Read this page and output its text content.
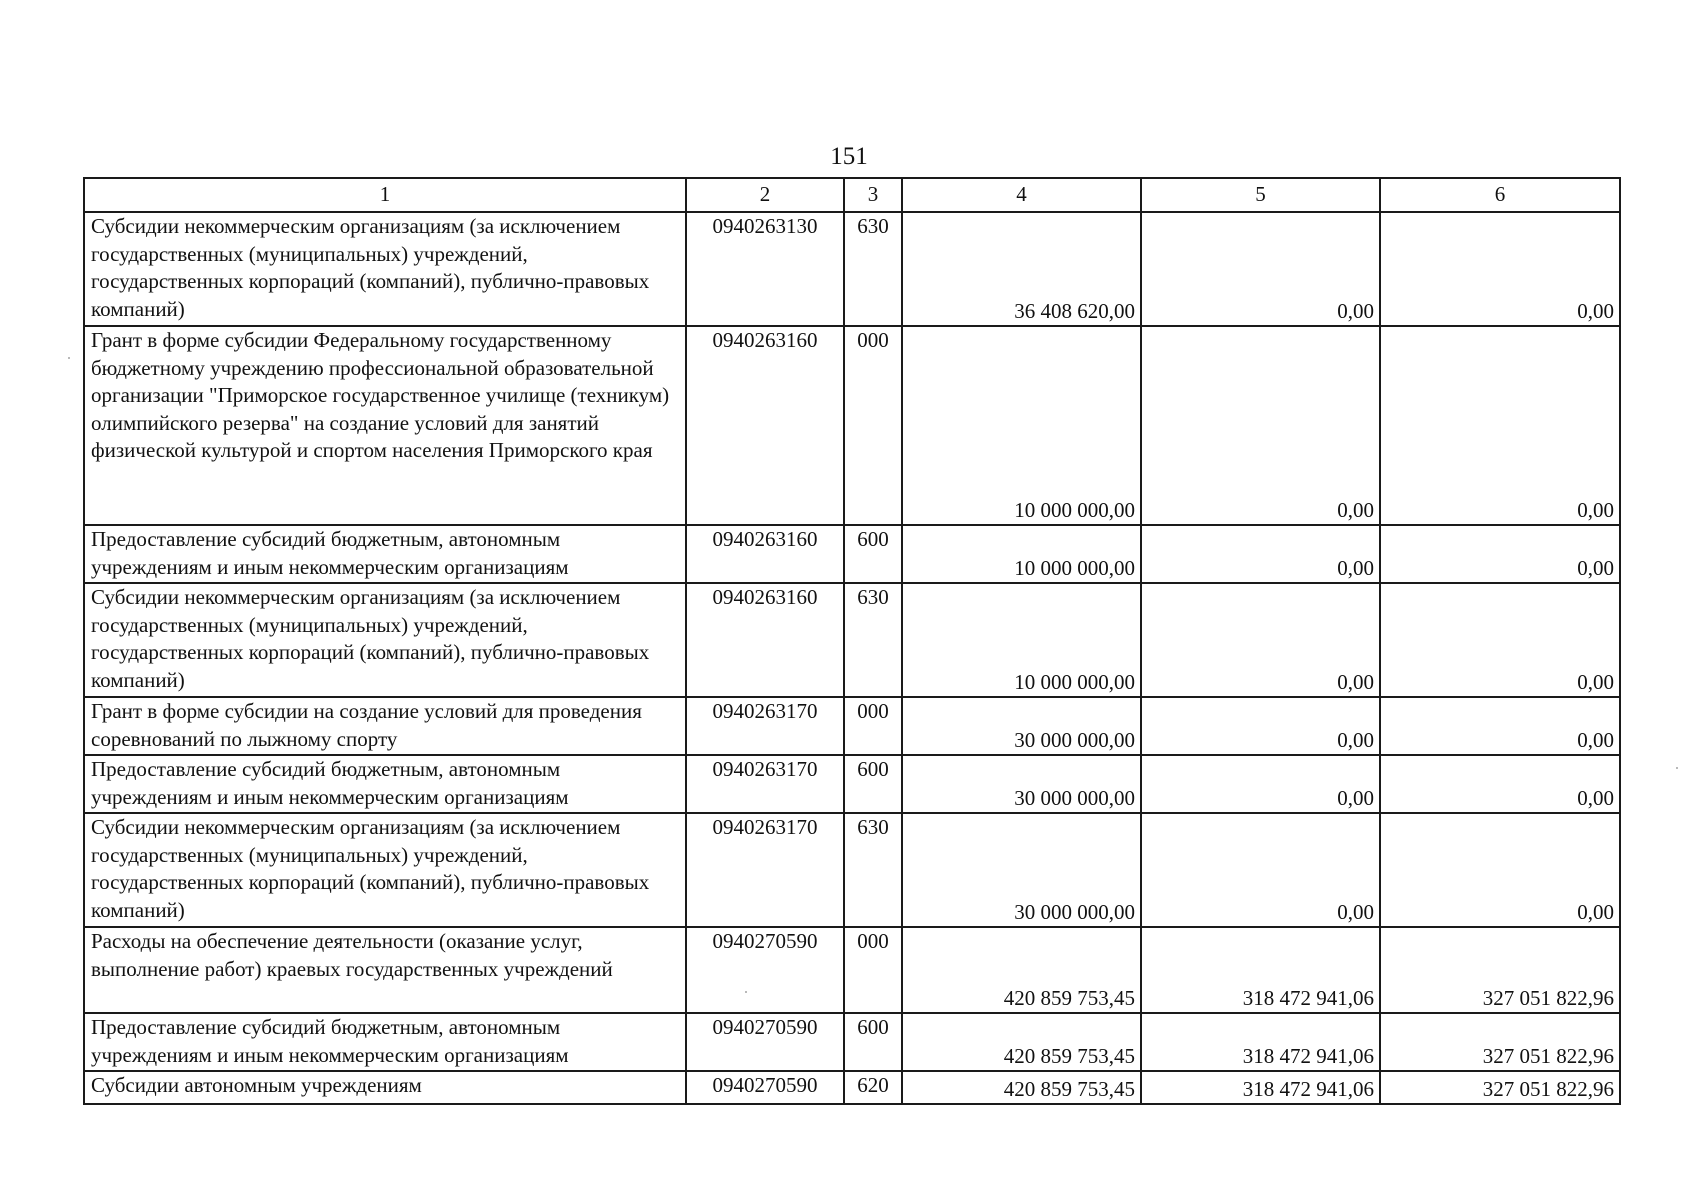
151
1	2	3	4	5	6
Субсидии некоммерческим организациям (за исключением государственных (муниципальных) учреждений, государственных корпораций (компаний), публично-правовых компаний)	0940263130	630	36 408 620,00	0,00	0,00
Грант в форме субсидии Федеральному государственному бюджетному учреждению профессиональной образовательной организации "Приморское государственное училище (техникум) олимпийского резерва" на создание условий для занятий физической культурой и спортом населения Приморского края	0940263160	000	10 000 000,00	0,00	0,00
Предоставление субсидий бюджетным, автономным учреждениям и иным некоммерческим организациям	0940263160	600	10 000 000,00	0,00	0,00
Субсидии некоммерческим организациям (за исключением государственных (муниципальных) учреждений, государственных корпораций (компаний), публично-правовых компаний)	0940263160	630	10 000 000,00	0,00	0,00
Грант в форме субсидии на создание условий для проведения соревнований по лыжному спорту	0940263170	000	30 000 000,00	0,00	0,00
Предоставление субсидий бюджетным, автономным учреждениям и иным некоммерческим организациям	0940263170	600	30 000 000,00	0,00	0,00
Субсидии некоммерческим организациям (за исключением государственных (муниципальных) учреждений, государственных корпораций (компаний), публично-правовых компаний)	0940263170	630	30 000 000,00	0,00	0,00
Расходы на обеспечение деятельности (оказание услуг, выполнение работ) краевых государственных учреждений	0940270590	000	420 859 753,45	318 472 941,06	327 051 822,96
Предоставление субсидий бюджетным, автономным учреждениям и иным некоммерческим организациям	0940270590	600	420 859 753,45	318 472 941,06	327 051 822,96
Субсидии автономным учреждениям	0940270590	620	420 859 753,45	318 472 941,06	327 051 822,96
